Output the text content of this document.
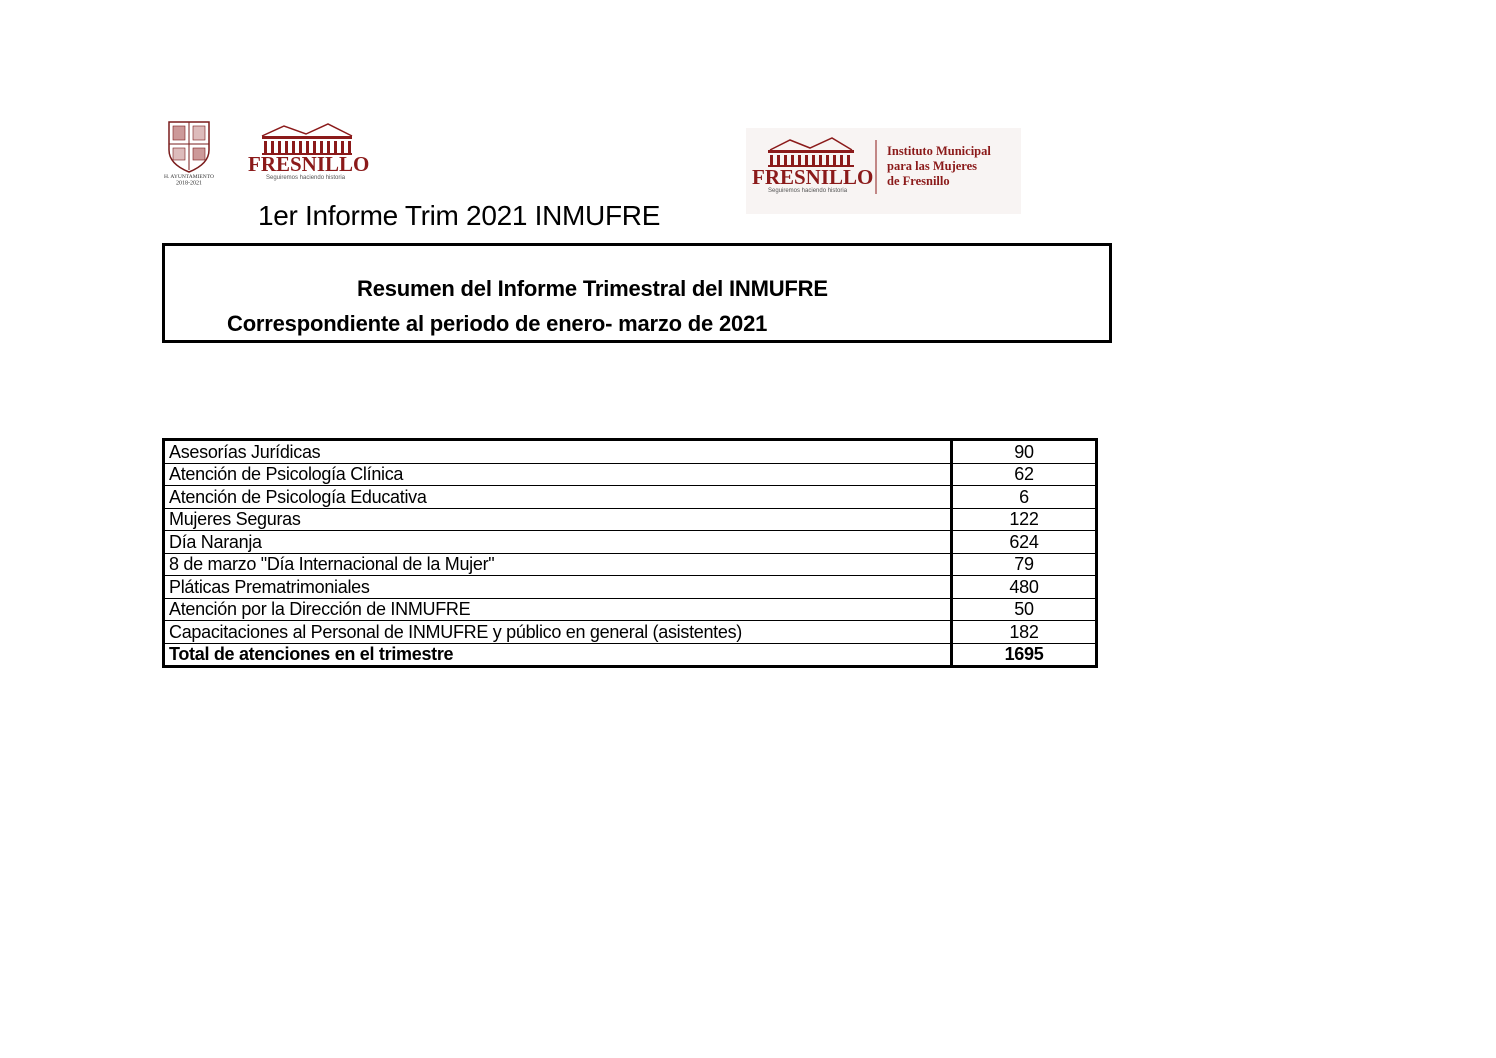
H. AYUNTAMIENTO
2018-2021
FRESNILLO
Seguiremos haciendo historia	FRESNILLO
Seguiremos haciendo historia
Instituto Municipal
para las Mujeres
de Fresnillo
1er Informe Trim 2021 INMUFRE
Resumen del Informe Trimestral del INMUFRE
Correspondiente al periodo de enero- marzo de 2021
Asesorías Jurídicas	90
Atención de Psicología Clínica	62
Atención de Psicología Educativa	6
Mujeres Seguras	122
Día Naranja	624
8 de marzo "Día Internacional de la Mujer"	79
Pláticas Prematrimoniales	480
Atención por la Dirección de INMUFRE	50
Capacitaciones al Personal de INMUFRE y público en general (asistentes)	182
Total de atenciones en el trimestre	1695
